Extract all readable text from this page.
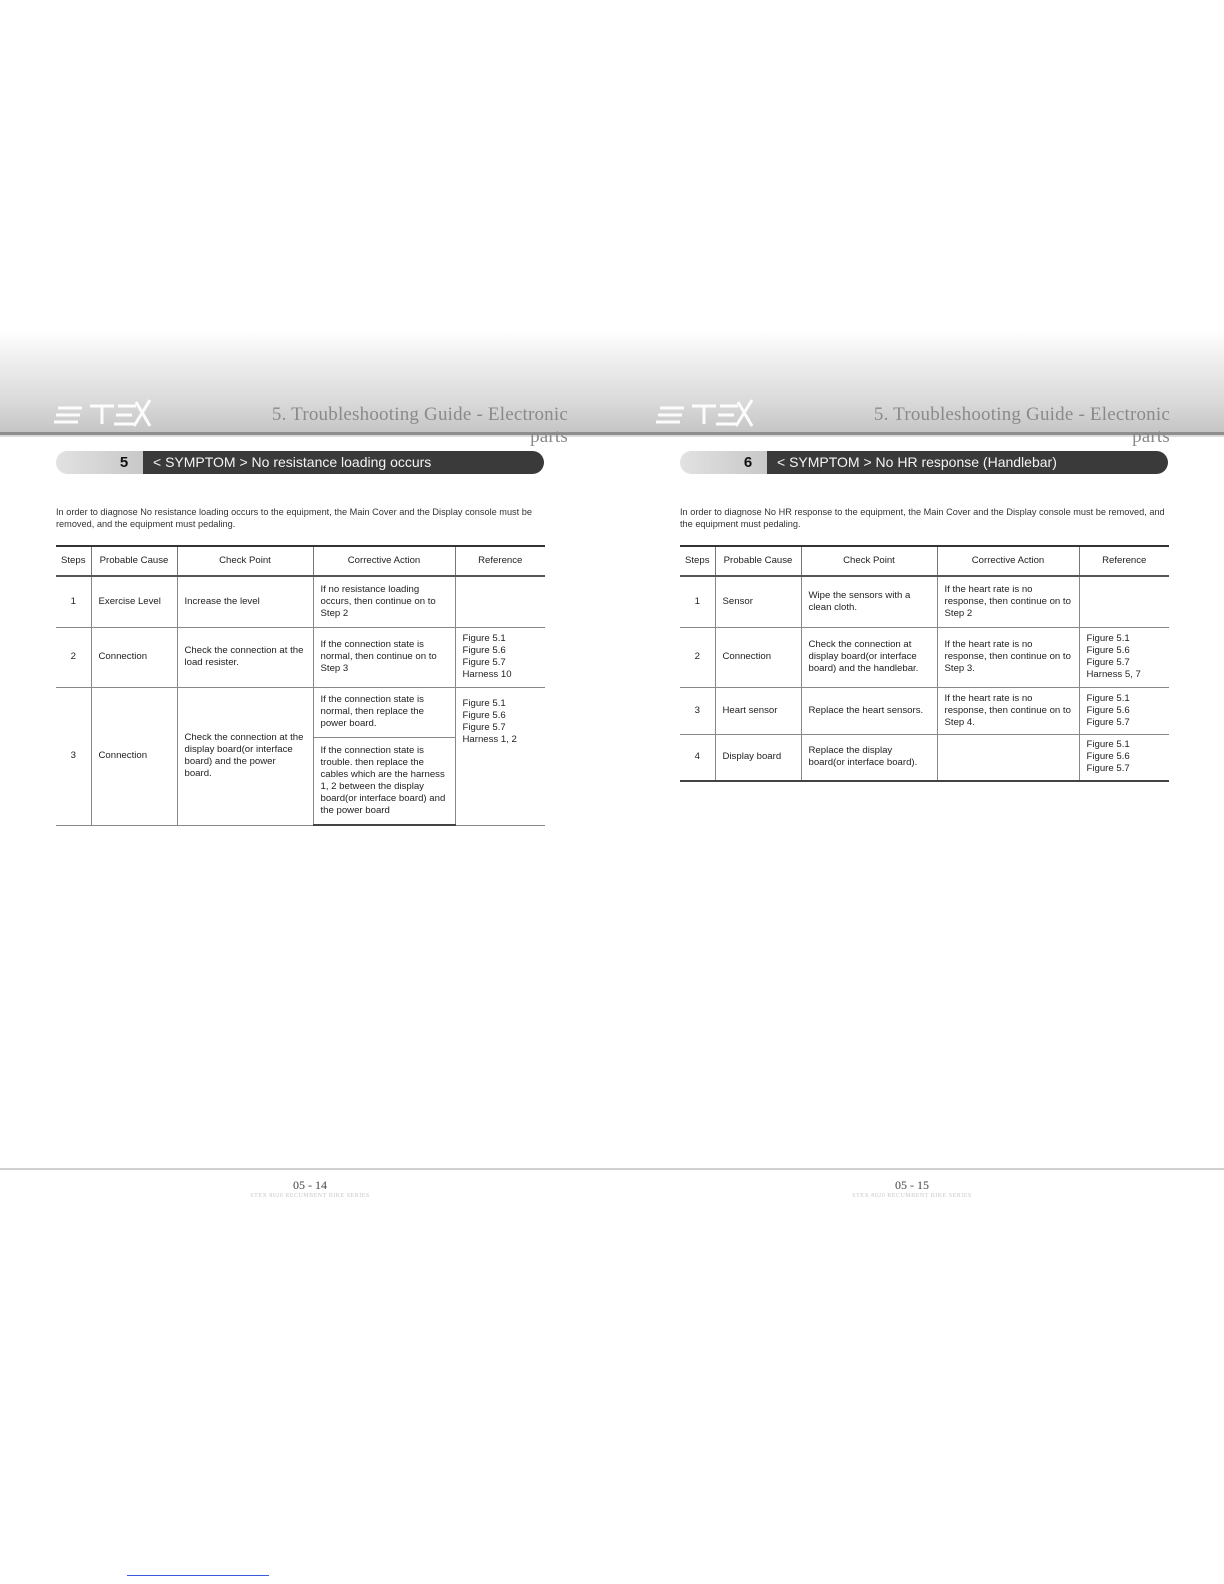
5. Troubleshooting Guide - Electronic parts
5. Troubleshooting Guide - Electronic parts
5	< SYMPTOM > No resistance loading occurs
In order to diagnose No resistance loading occurs to the equipment, the Main Cover and the Display console must be removed, and the equipment must pedaling.
Steps	Probable Cause	Check Point	Corrective Action	Reference
1	Exercise Level	Increase the level	If no resistance loading occurs, then continue on to Step 2	
2	Connection	Check the connection at the load resister.	If the connection state is normal, then continue on to Step 3	Figure 5.1
Figure 5.6
Figure 5.7
Harness 10
3	Connection	Check the connection at the display board(or interface board) and the power board.	If the connection state is normal, then replace the power board.	Figure 5.1
Figure 5.6
Figure 5.7
Harness 1, 2
			If the connection state is trouble. then replace the cables which are the harness 1, 2 between the display board(or interface board) and the power board	
6	< SYMPTOM > No HR response (Handlebar)
In order to diagnose No HR response to the equipment, the Main Cover and the Display console must be removed, and the equipment must pedaling.
Steps	Probable Cause	Check Point	Corrective Action	Reference
1	Sensor	Wipe the sensors with a clean cloth.	If the heart rate is no response, then continue on to Step 2	
2	Connection	Check the connection at display board(or interface board) and the handlebar.	If the heart rate is no response, then continue on to Step 3.	Figure 5.1
Figure 5.6
Figure 5.7
Harness 5, 7
3	Heart sensor	Replace the heart sensors.	If the heart rate is no response, then continue on to Step 4.	Figure 5.1
Figure 5.6
Figure 5.7
4	Display board	Replace the display board(or interface board).		Figure 5.1
Figure 5.6
Figure 5.7
05 - 14	05 - 15
STEX 8020 RECUMBENT BIKE SERIES	STEX 8020 RECUMBENT BIKE SERIES
